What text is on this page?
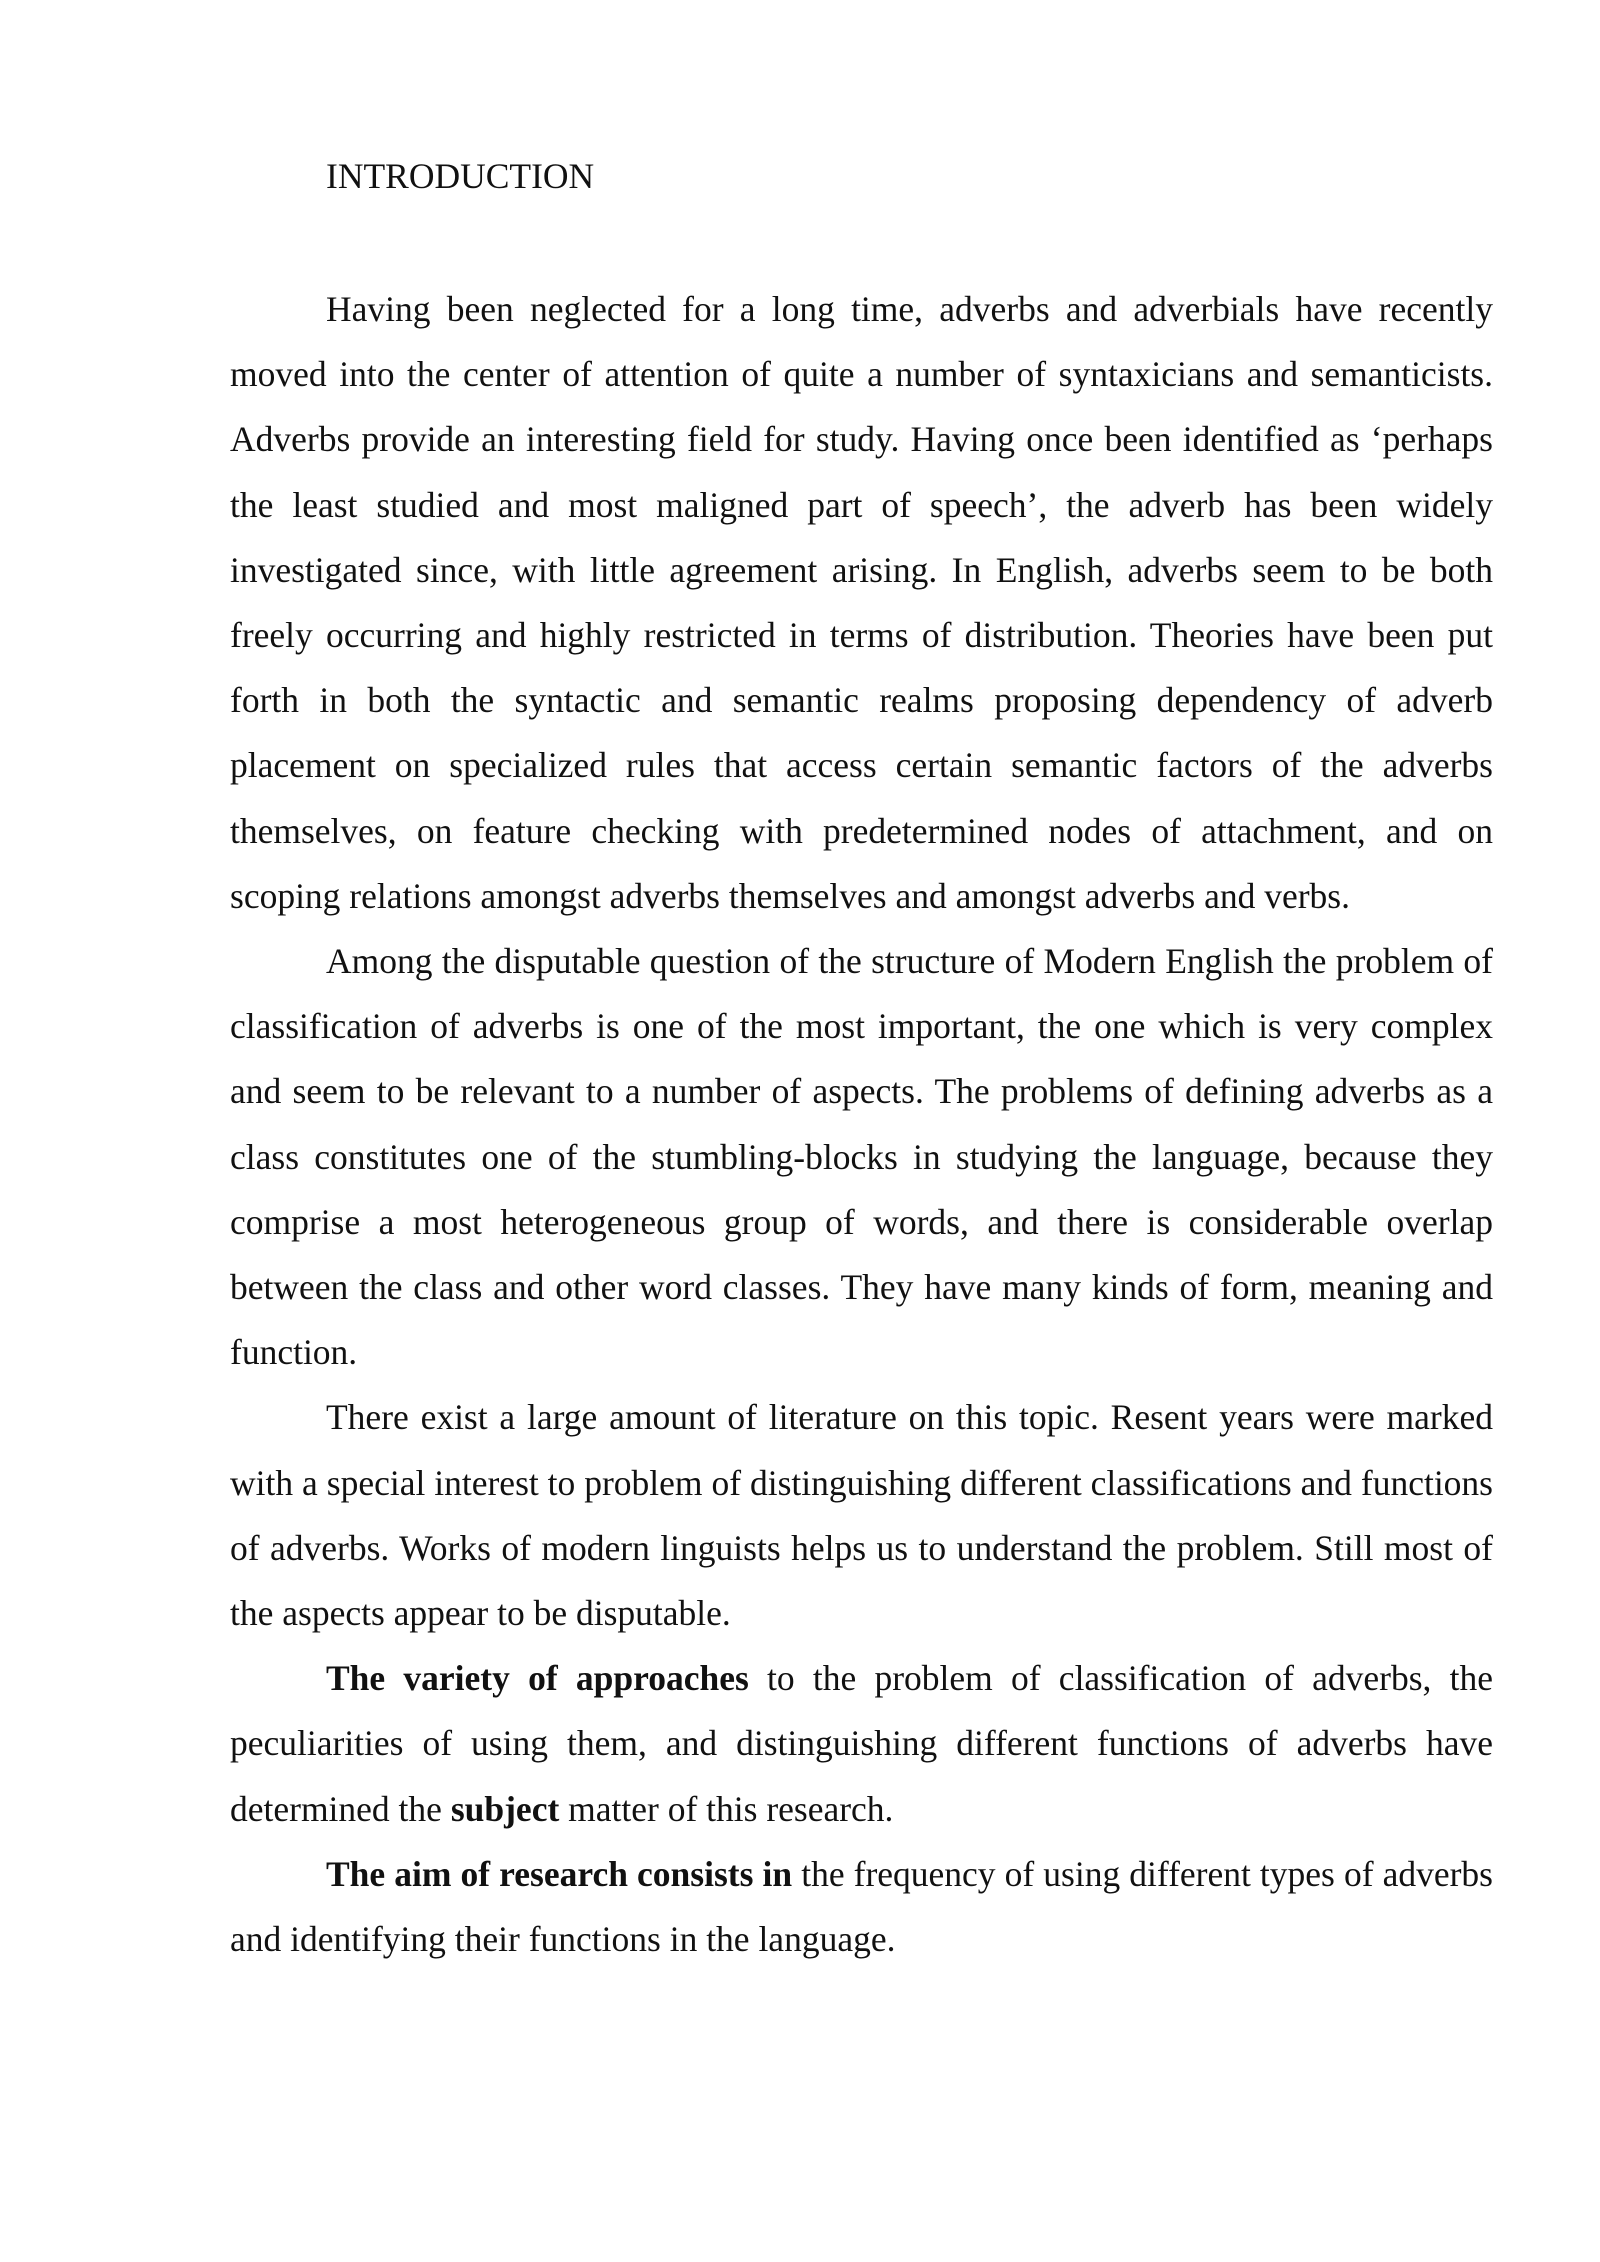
INTRODUCTION

Having been neglected for a long time, adverbs and adverbials have recently moved into the center of attention of quite a number of syntaxicians and semanticists. Adverbs provide an interesting field for study. Having once been identified as ‘perhaps the least studied and most maligned part of speech’, the adverb has been widely investigated since, with little agreement arising. In English, adverbs seem to be both freely occurring and highly restricted in terms of distribution. Theories have been put forth in both the syntactic and semantic realms proposing dependency of adverb placement on specialized rules that access certain semantic factors of the adverbs themselves, on feature checking with predetermined nodes of attachment, and on scoping relations amongst adverbs themselves and amongst adverbs and verbs.

Among the disputable question of the structure of Modern English the problem of classification of adverbs is one of the most important, the one which is very complex and seem to be relevant to a number of aspects. The problems of defining adverbs as a class constitutes one of the stumbling-blocks in studying the language, because they comprise a most heterogeneous group of words, and there is considerable overlap between the class and other word classes. They have many kinds of form, meaning and function.

There exist a large amount of literature on this topic. Resent years were marked with a special interest to problem of distinguishing different classifications and functions of adverbs. Works of modern linguists helps us to understand the problem. Still most of the aspects appear to be disputable.

The variety of approaches to the problem of classification of adverbs, the peculiarities of using them, and distinguishing different functions of adverbs have determined the subject matter of this research.

The aim of research consists in the frequency of using different types of adverbs and identifying their functions in the language.
